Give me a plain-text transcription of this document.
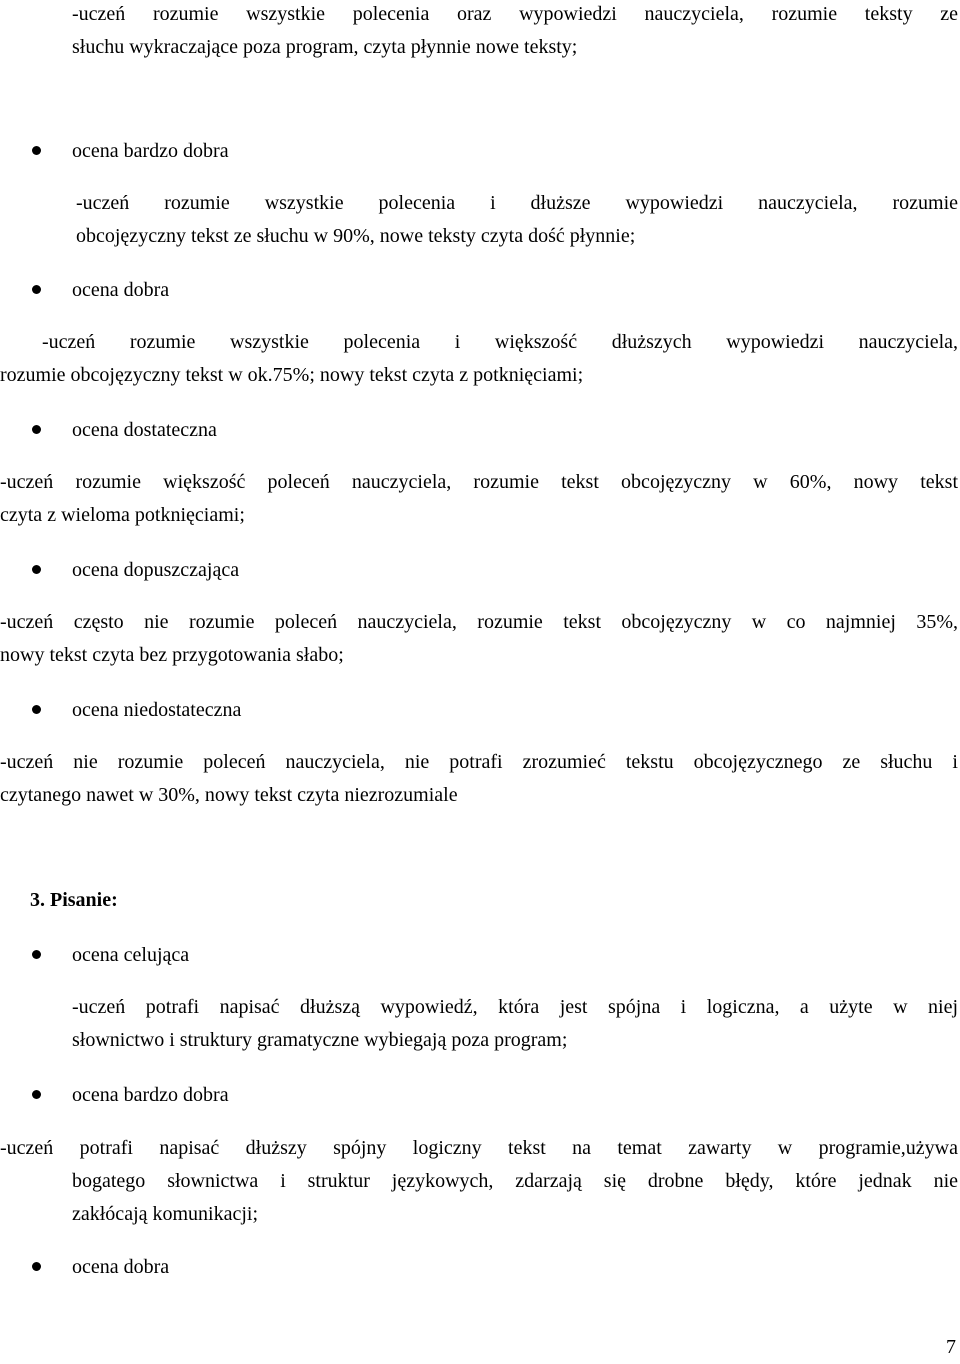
-uczeń rozumie wszystkie polecenia oraz wypowiedzi nauczyciela, rozumie teksty ze
słuchu wykraczające poza program, czyta płynnie nowe teksty;
ocena bardzo dobra
-uczeń rozumie wszystkie polecenia i dłuższe wypowiedzi nauczyciela, rozumie
obcojęzyczny tekst ze słuchu w 90%, nowe teksty czyta dość płynnie;
ocena dobra
-uczeń rozumie wszystkie polecenia i większość dłuższych wypowiedzi nauczyciela,
rozumie obcojęzyczny tekst w ok.75%; nowy tekst czyta z potknięciami;
ocena dostateczna
-uczeń rozumie większość poleceń nauczyciela, rozumie tekst obcojęzyczny w 60%, nowy tekst
czyta z wieloma potknięciami;
ocena dopuszczająca
-uczeń często nie rozumie poleceń nauczyciela, rozumie tekst obcojęzyczny w co najmniej 35%,
nowy tekst czyta bez przygotowania słabo;
ocena niedostateczna
-uczeń nie rozumie poleceń nauczyciela, nie potrafi zrozumieć tekstu obcojęzycznego ze słuchu i
czytanego nawet w 30%, nowy tekst czyta niezrozumiale
3. Pisanie:
ocena celująca
-uczeń potrafi napisać dłuższą wypowiedź, która jest spójna i logiczna, a użyte w niej
słownictwo i struktury gramatyczne wybiegają poza program;
ocena bardzo dobra
-uczeń potrafi napisać dłuższy spójny logiczny tekst na temat zawarty w programie,używa
bogatego słownictwa i struktur językowych, zdarzają się drobne błędy, które jednak nie
zakłócają komunikacji;
ocena dobra
7
